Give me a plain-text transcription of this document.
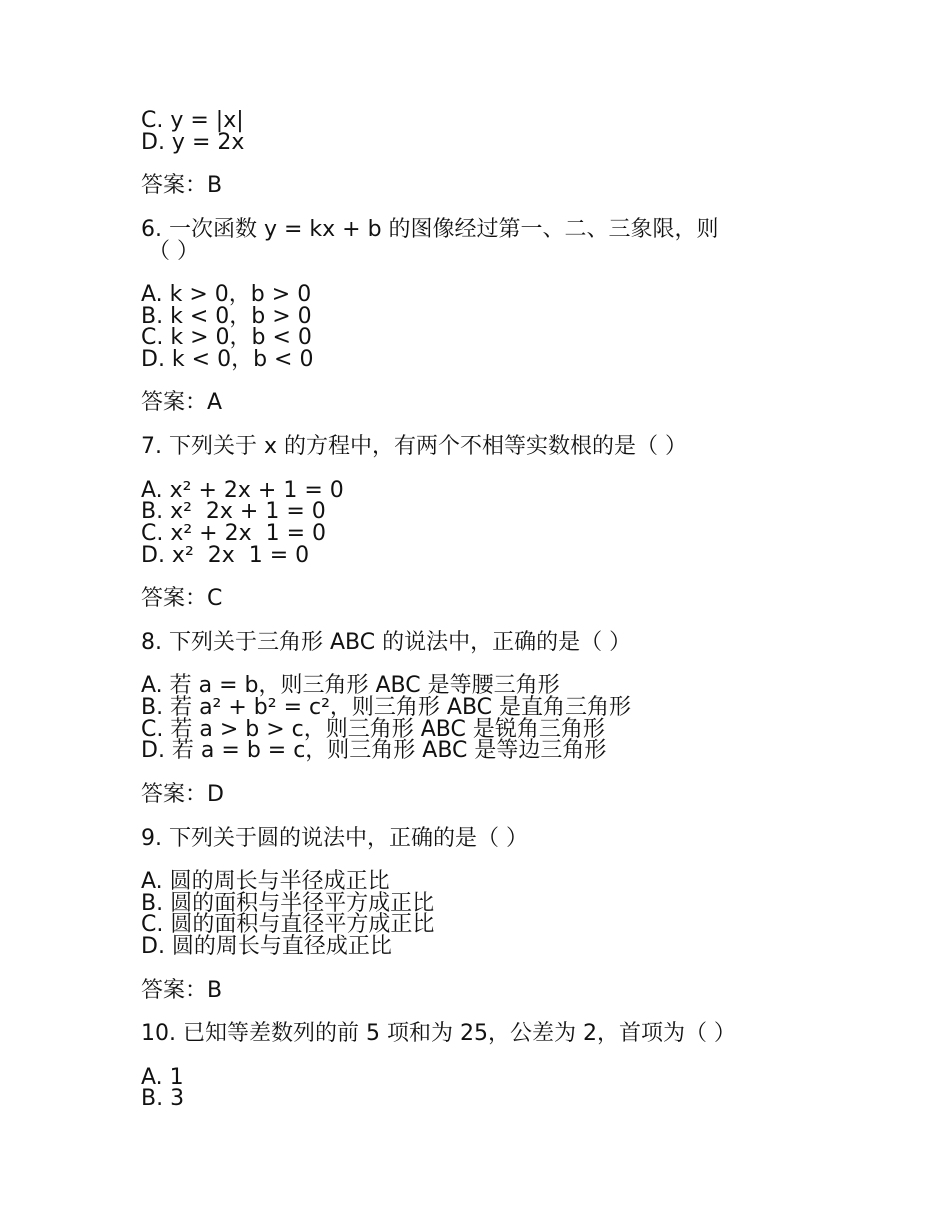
C. y = |x|
D. y = 2x
答案：B
6. 一次函数 y = kx + b 的图像经过第一、二、三象限，则
（ ）
A. k > 0，b > 0
B. k < 0，b > 0
C. k > 0，b < 0
D. k < 0，b < 0
答案：A
7. 下列关于 x 的方程中，有两个不相等实数根的是（ ）
A. x² + 2x + 1 = 0
B. x²  2x + 1 = 0
C. x² + 2x  1 = 0
D. x²  2x  1 = 0
答案：C
8. 下列关于三角形 ABC 的说法中，正确的是（ ）
A. 若 a = b，则三角形 ABC 是等腰三角形
B. 若 a² + b² = c²，则三角形 ABC 是直角三角形
C. 若 a > b > c，则三角形 ABC 是锐角三角形
D. 若 a = b = c，则三角形 ABC 是等边三角形
答案：D
9. 下列关于圆的说法中，正确的是（ ）
A. 圆的周长与半径成正比
B. 圆的面积与半径平方成正比
C. 圆的面积与直径平方成正比
D. 圆的周长与直径成正比
答案：B
10. 已知等差数列的前 5 项和为 25，公差为 2，首项为（ ）
A. 1
B. 3
